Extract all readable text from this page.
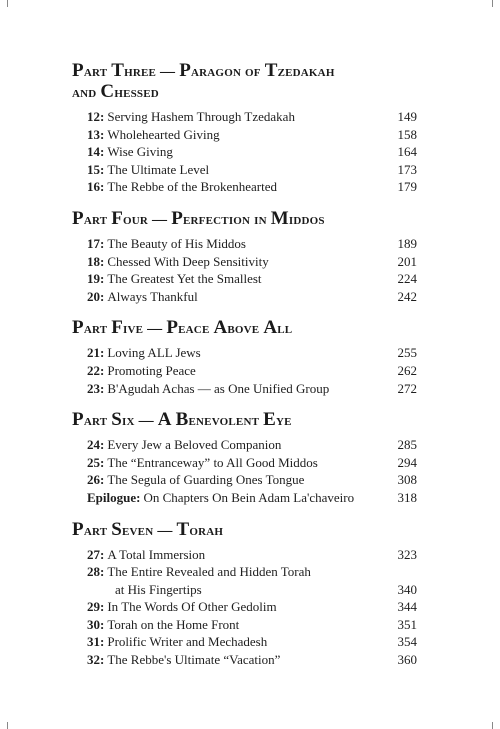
Part Three — Paragon of Tzedakah
and Chessed
12: Serving Hashem Through Tzedakah	149
13: Wholehearted Giving	158
14: Wise Giving	164
15: The Ultimate Level	173
16: The Rebbe of the Brokenhearted	179
Part Four — Perfection in Middos
17: The Beauty of His Middos	189
18: Chessed With Deep Sensitivity	201
19: The Greatest Yet the Smallest	224
20: Always Thankful	242
Part Five — Peace Above All
21: Loving ALL Jews	255
22: Promoting Peace	262
23: B'Agudah Achas — as One Unified Group	272
Part Six — A Benevolent Eye
24: Every Jew a Beloved Companion	285
25: The “Entranceway” to All Good Middos	294
26: The Segula of Guarding Ones Tongue	308
Epilogue: On Chapters On Bein Adam La'chaveiro	318
Part Seven — Torah
27: A Total Immersion	323
28: The Entire Revealed and Hidden Torah
at His Fingertips	340
29: In The Words Of Other Gedolim	344
30: Torah on the Home Front	351
31: Prolific Writer and Mechadesh	354
32: The Rebbe's Ultimate “Vacation”	360
